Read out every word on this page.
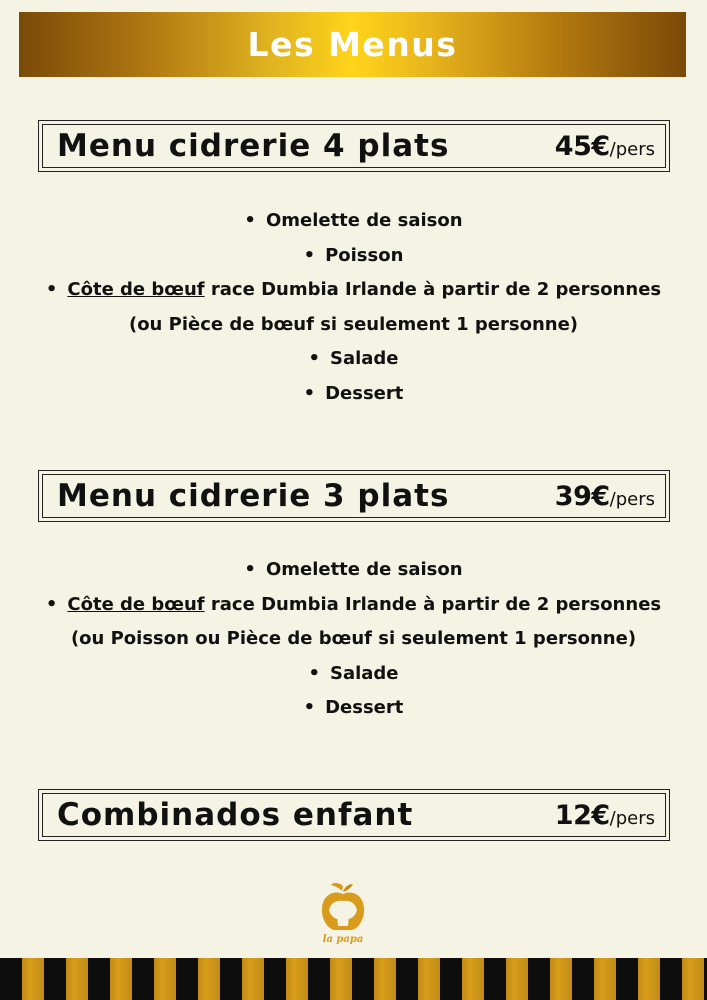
Les Menus
Menu cidrerie 4 plats	45€/pers
• Omelette de saison
• Poisson
• Côte de bœuf race Dumbia Irlande à partir de 2 personnes
(ou Pièce de bœuf si seulement 1 personne)
• Salade
• Dessert
Menu cidrerie 3 plats	39€/pers
• Omelette de saison
• Côte de bœuf race Dumbia Irlande à partir de 2 personnes
(ou Poisson ou Pièce de bœuf si seulement 1 personne)
• Salade
• Dessert
Combinados enfant	12€/pers
la papa
